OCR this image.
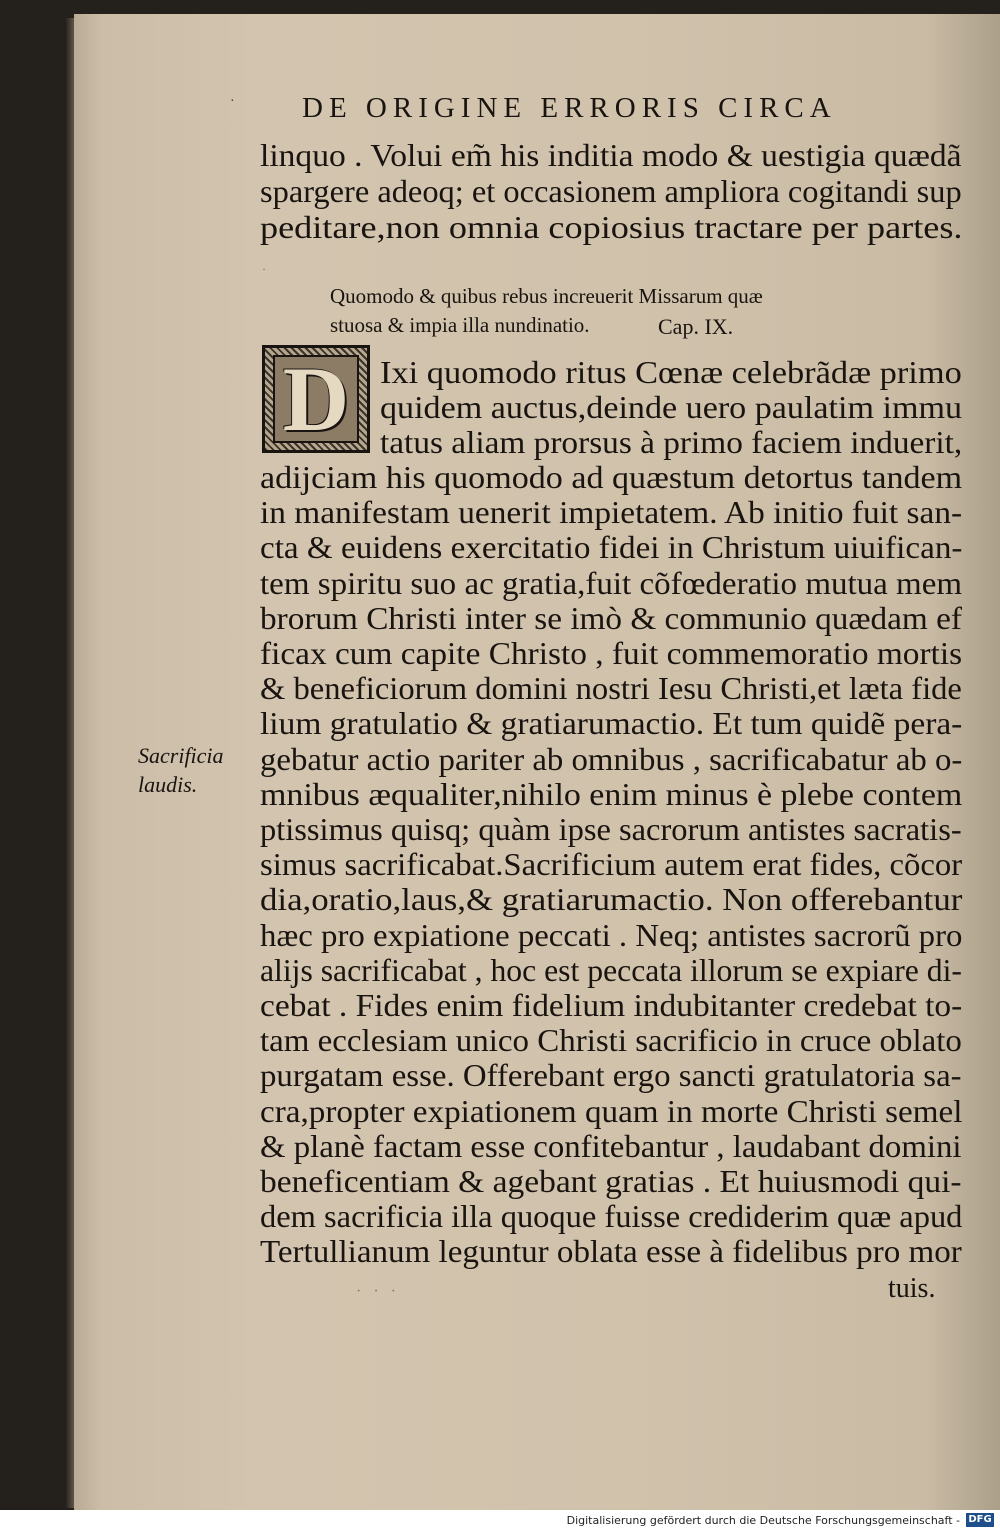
· DE ORIGINE ERRORIS CIRCA
linquo . Volui em̃ his inditia modo & uestigia quædã
spargere adeoq; et occasionem ampliora cogitandi sup
peditare,non omnia copiosius tractare per partes.
·
Quomodo & quibus rebus increuerit Missarum quæ
stuosa & impia illa nundinatio.	Cap. IX.
D Ixi quomodo ritus Cœnæ celebrãdæ primo
quidem auctus,deinde uero paulatim immu
tatus aliam prorsus à primo faciem induerit,
adijciam his quomodo ad quæstum detortus tandem
in manifestam uenerit impietatem. Ab initio fuit san-
cta & euidens exercitatio fidei in Christum uiuifican-
tem spiritu suo ac gratia,fuit cõfœderatio mutua mem
brorum Christi inter se imò & communio quædam ef
ficax cum capite Christo , fuit commemoratio mortis
& beneficiorum domini nostri Iesu Christi,et læta fide
lium gratulatio & gratiarumactio. Et tum quidẽ pera-
gebatur actio pariter ab omnibus , sacrificabatur ab o-
mnibus æqualiter,nihilo enim minus è plebe contem
ptissimus quisq; quàm ipse sacrorum antistes sacratis-
simus sacrificabat.Sacrificium autem erat fides, cõcor
dia,oratio,laus,& gratiarumactio. Non offerebantur
hæc pro expiatione peccati . Neq; antistes sacrorũ pro
alijs sacrificabat , hoc est peccata illorum se expiare di-
cebat . Fides enim fidelium indubitanter credebat to-
tam ecclesiam unico Christi sacrificio in cruce oblato
purgatam esse. Offerebant ergo sancti gratulatoria sa-
cra,propter expiationem quam in morte Christi semel
& planè factam esse confitebantur , laudabant domini
beneficentiam & agebant gratias . Et huiusmodi qui-
dem sacrificia illa quoque fuisse crediderim quæ apud
Tertullianum leguntur oblata esse à fidelibus pro mor
Sacrificia
laudis.
· · ·	tuis.
Digitalisierung gefördert durch die Deutsche Forschungsgemeinschaft - DFG
